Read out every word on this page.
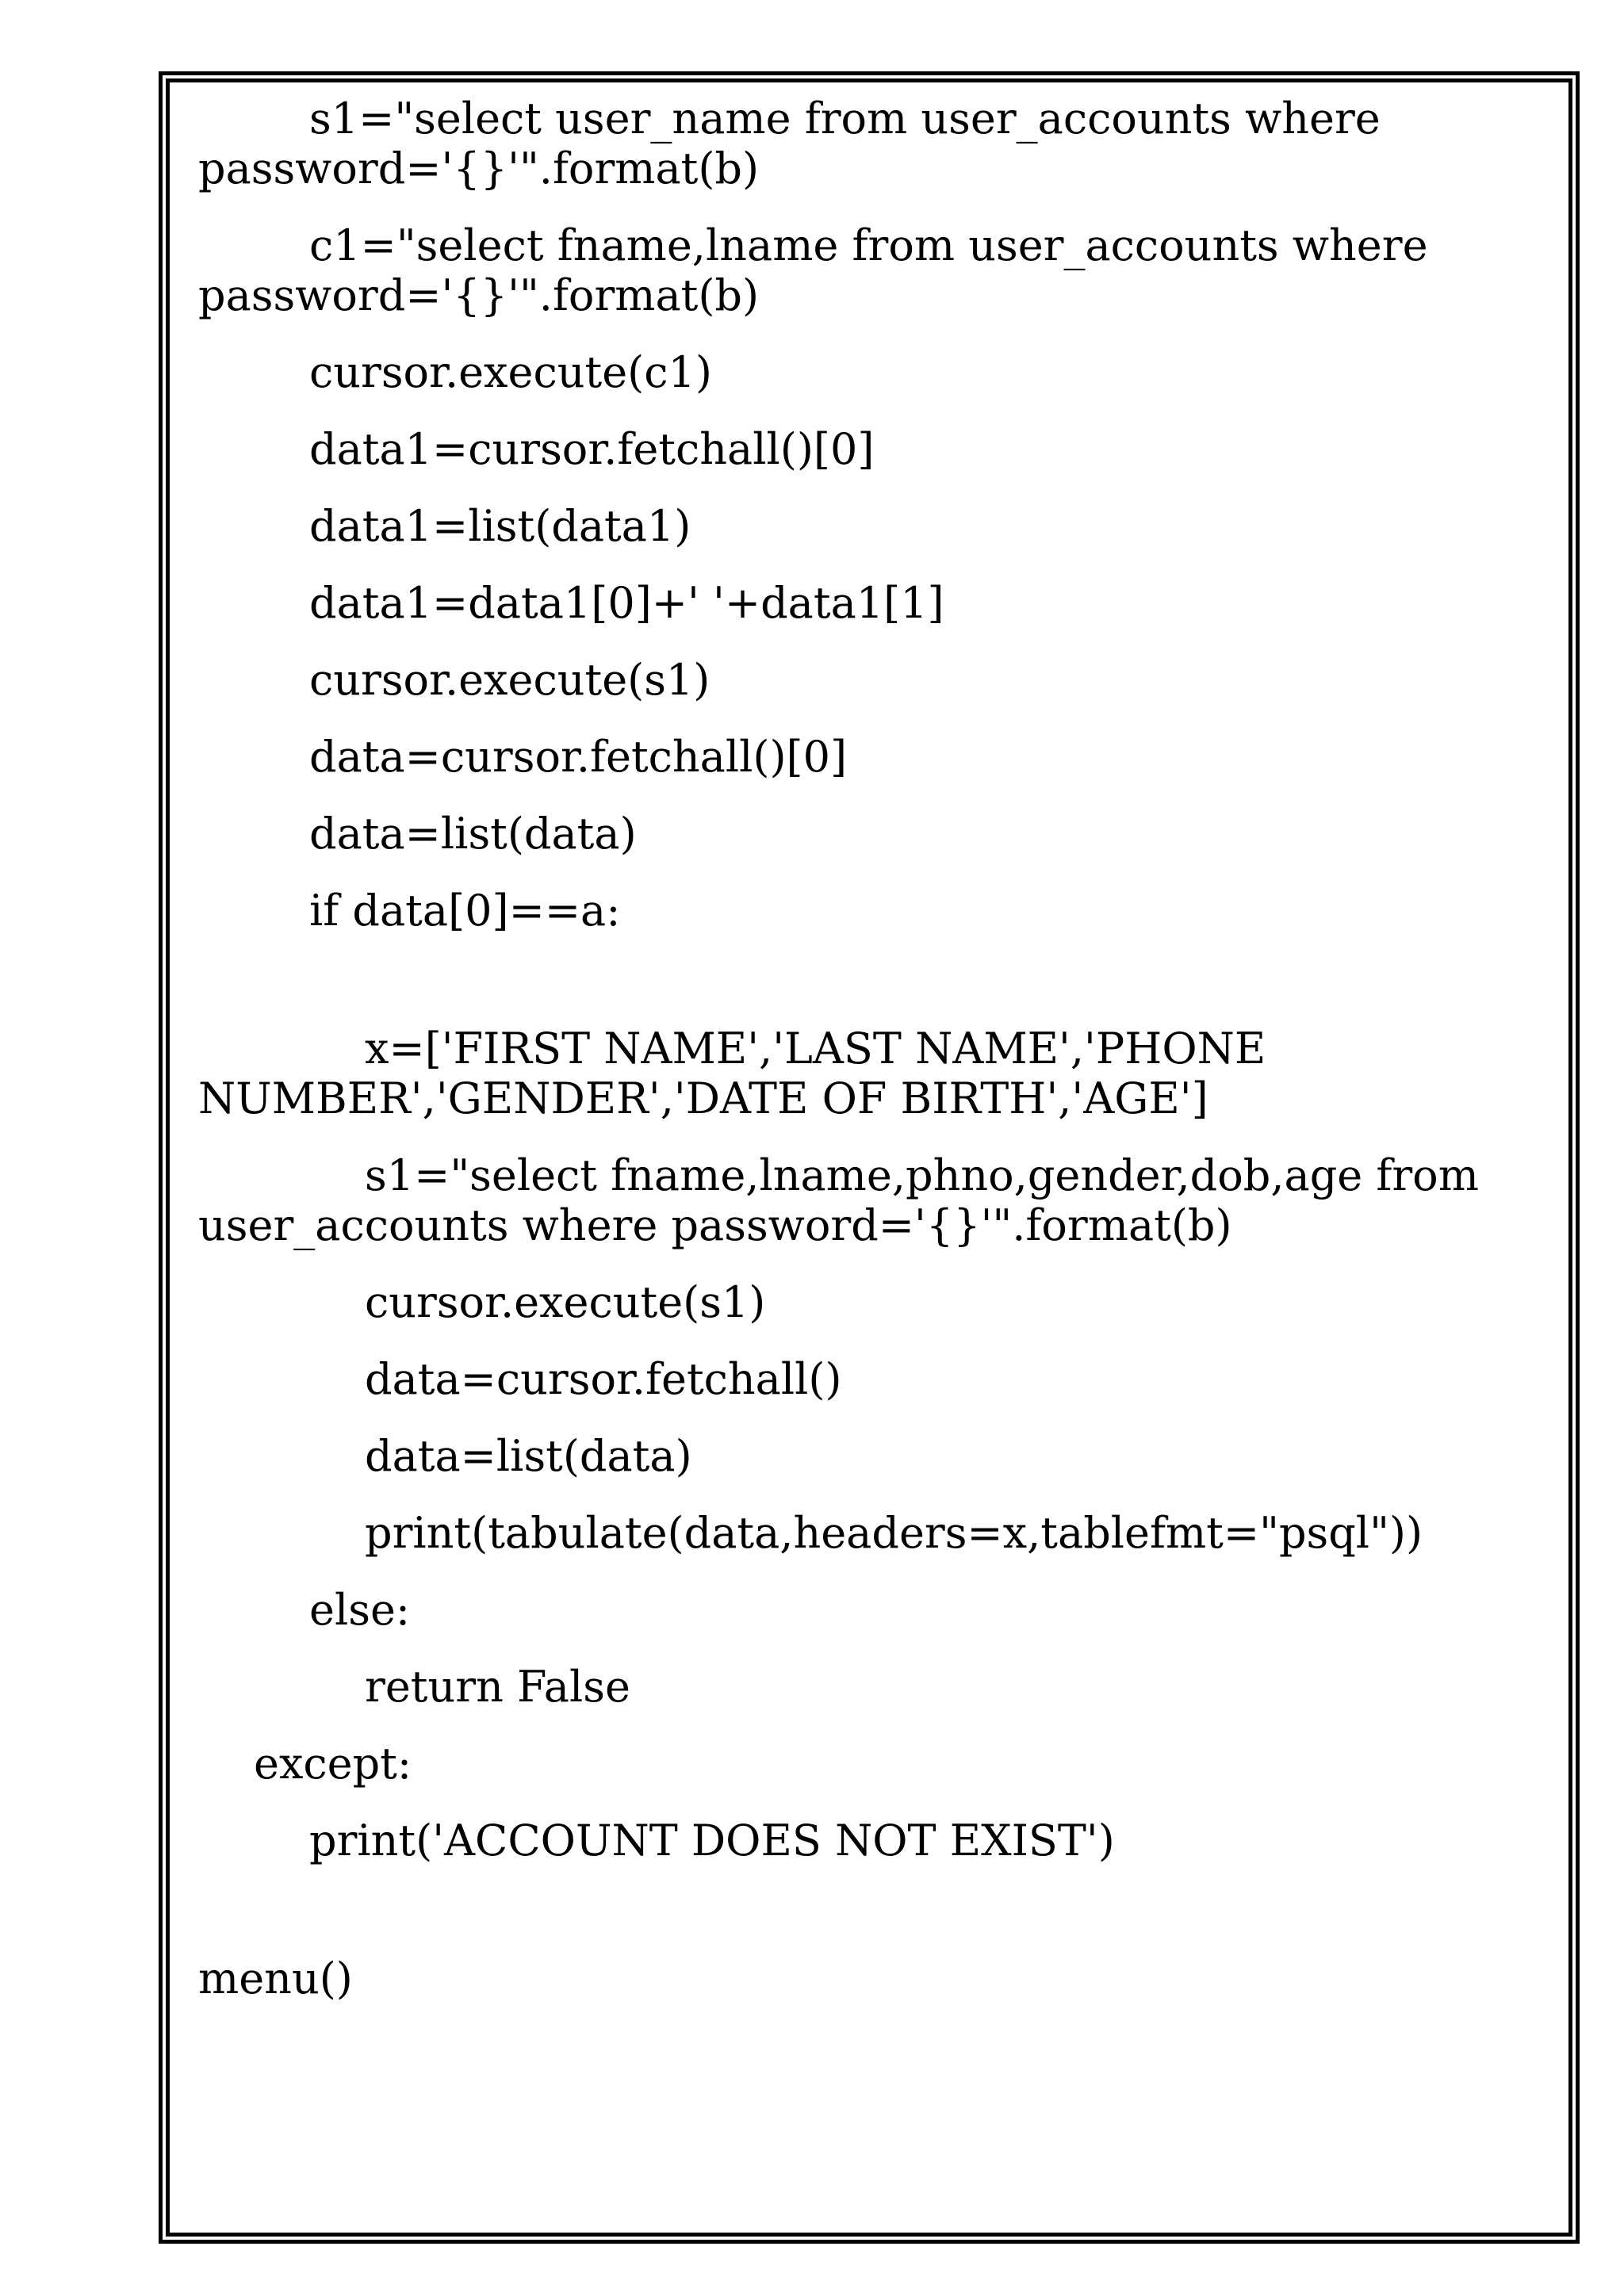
s1="select user_name from user_accounts where

password='{}'".format(b)

c1="select fname,lname from user_accounts where

password='{}'".format(b)

cursor.execute(c1)

data1=cursor.fetchall()[0]

data1=list(data1)

data1=data1[0]+' '+data1[1]

cursor.execute(s1)

data=cursor.fetchall()[0]

data=list(data)

if data[0]==a:

x=['FIRST NAME','LAST NAME','PHONE

NUMBER','GENDER','DATE OF BIRTH','AGE']

s1="select fname,lname,phno,gender,dob,age from

user_accounts where password='{}'".format(b)

cursor.execute(s1)

data=cursor.fetchall()

data=list(data)

print(tabulate(data,headers=x,tablefmt="psql"))

else:

return False

except:

print('ACCOUNT DOES NOT EXIST')

menu()
